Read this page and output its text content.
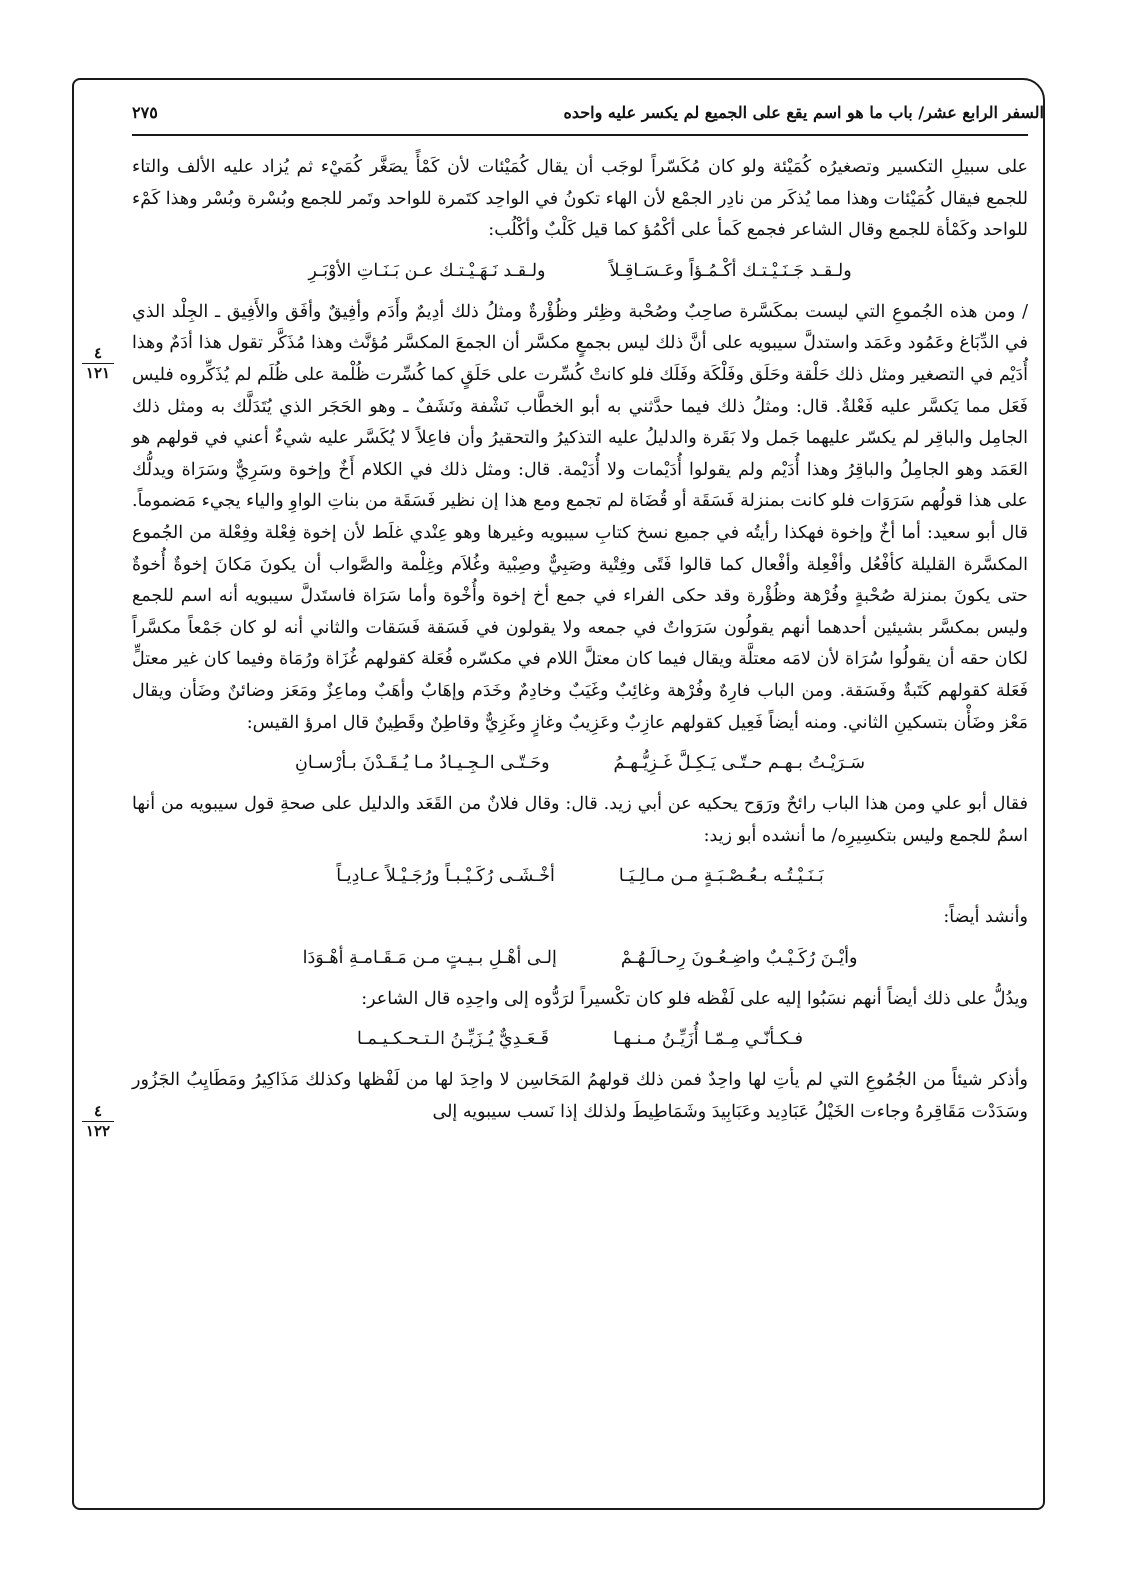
السفر الرابع عشر/ باب ما هو اسم يقع على الجميع لم يكسر عليه واحده
٢٧٥
٤
١٢١
٤
١٢٢

على سبيلِ التكسير وتصغيرُه كُمَيْئة ولو كان مُكَسّراً لوجَب أن يقال كُمَيْئات لأن كَمْأً يصَغَّر كُمَيْء ثم يُزاد عليه الألف والتاء للجمع فيقال كُمَيْئات وهذا مما يُذكَر من نادِر الجمْع لأن الهاء تكونُ في الواحِد كتَمرة للواحد وتَمر للجمع وبُسْرة وبُسْر وهذا كَمْء للواحد وكَمْأة للجمع وقال الشاعر فجمع كَمأ على أكْمُؤ كما قيل كَلْبٌ وأكْلُب:

ولـقـد جَـنَـيْـتـك أكْـمُـؤاً وعَـسَـاقِـلاً
ولـقـد نَـهَـيْـتـك عـن بَـنَـاتِ الأوْبَـرِ

/ ومن هذه الجُموعِ التي ليست بمكَسَّرة صاحِبٌ وصُحْبة وظِئر وظُؤْرةٌ ومثلُ ذلك أدِيمٌ وأَدَم وأفِيقٌ وأفَق والأَفِيق ـ الجِلْد الذي في الدِّبَاغ وعَمُود وعَمَد واستدلَّ سيبويه على أنَّ ذلك ليس بجمعٍ مكسَّر أن الجمعَ المكسَّر مُؤنَّث وهذا مُذَكَّر تقول هذا أدَمٌ وهذا أُدَيْم في التصغير ومثل ذلك حَلْقة وحَلَق وفَلْكَة وفَلَك فلو كانتْ كُسِّرت على حَلَقٍ كما كُسِّرت ظُلْمة على ظُلَم لم يُذَكِّروه فليس فَعَل مما يَكسَّر عليه فَعْلةٌ. قال: ومثلُ ذلك فيما حدَّثني به أبو الخطَّاب نَشْفة ونَشَفٌ ـ وهو الحَجَر الذي يُتَدَلَّك به ومثل ذلك الجامِل والباقِر لم يكسّر عليهما جَمل ولا بَقَرة والدليلُ عليه التذكيرُ والتحقيرُ وأن فاعِلاً لا يُكَسَّر عليه شيءٌ أعني في قولهم هو العَمَد وهو الجامِلُ والباقِرُ وهذا أُدَيْم ولم يقولوا أُدَيْمات ولا أُدَيْمة. قال: ومثل ذلك في الكلام أَخٌ وإخوة وسَرِيٌّ وسَرَاة ويدلُّك على هذا قولُهم سَرَوَات فلو كانت بمنزلة فَسَقَة أو قُضَاة لم تجمع ومع هذا إن نظير فَسَقَة من بناتِ الواوِ والياء يجيء مَضموماً. قال أبو سعيد: أما أخٌ وإخوة فهكذا رأيتُه في جميع نسخ كتابِ سيبويه وغيرها وهو عِنْدي غلَط لأن إخوة فِعْلة وفِعْلة من الجُموع المكسَّرة القليلة كأفْعُل وأفْعِلة وأفْعال كما قالوا فَتًى وفِتْية وصَبِيٌّ وصِبْية وغُلاَم وغِلْمة والصَّواب أن يكونَ مَكانَ إخوةٌ أُخوةٌ حتى يكونَ بمنزلة صُحْبةٍ وفُرْهة وظُؤْرة وقد حكى الفراء في جمع أخ إخوة وأُخْوة وأما سَرَاة فاستَدلَّ سيبويه أنه اسم للجمع وليس بمكسَّر بشيئين أحدهما أنهم يقولُون سَرَواتٌ في جمعه ولا يقولون في فَسَقة فَسَقات والثاني أنه لو كان جَمْعاً مكسَّراً لكان حقه أن يقولُوا سُرَاة لأن لامَه معتلَّة ويقال فيما كان معتلَّ اللام في مكسّره فُعَلة كقولهم غُزَاة ورُمَاة وفيما كان غير معتلٍّ فَعَلة كقولهم كَتَبةٌ وفَسَقة. ومن الباب فارِهٌ وفُرْهة وغائِبٌ وغَيَبٌ وخادِمٌ وخَدَم وإهَابٌ وأهَبٌ وماعِزٌ ومَعَز وضائنٌ وضَأن ويقال مَعْز وضَأْن بتسكينِ الثاني. ومنه أيضاً فَعِيل كقولهم عازِبٌ وعَزِيبٌ وغازٍ وغَزِيٌّ وقاطِنٌ وقَطِينٌ قال امرؤ القيس:

سَـرَيْـتُ بـهـم حـتّـى يَـكِـلَّ غَـزِيُّـهـمُ
وحَـتّـى الـجِـيـادُ مـا يُـقَـدْنَ بـأرْسـانِ

فقال أبو علي ومن هذا الباب رائحٌ ورَوَح يحكيه عن أبي زيد. قال: وقال فلانٌ من القَعَد والدليل على صحةِ قول سيبويه من أنها اسمٌ للجمع وليس بتكسِيرِه/ ما أنشده أبو زيد:

بَـنَـيْـتُـه بـعُـصْـبَـةٍ مـن مـالِـيَـا
أخْـشَـى رُكَـيْـبـاً ورُجَـيْـلاً عـادِيـاً

وأنشد أيضاً:

وأيْـنَ رُكَـيْـبٌ واضِـعُـونَ رِحـالَـهُـمْ
إلـى أهْـلِ بـيـتٍ مـن مَـقَـامـةِ أهْـوَدَا

ويدُلُّ على ذلك أيضاً أنهم نسَبُوا إليه على لَفْظه فلو كان تكْسيراً لرَدُّوه إلى واحِدِه قال الشاعر:

فـكـأنّـي مِـمّـا أُزَيِّـنُ مـنـهـا
قَـعَـدِيٌّ يُـزَيِّـنُ الـتـحـكـيـمـا

وأذكر شيئاً من الجُمُوعِ التي لم يأتِ لها واحِدٌ فمن ذلك قولهمُ المَحَاسِن لا واحِدَ لها من لَفْظها وكذلك مَذَاكِيرُ ومَطَايِبُ الجَزُور وسَدَدْت مَقَاقِرهُ وجاءت الخَيْلُ عَبَادِيد وعَبَابِيدَ وشَمَاطِيطَ ولذلك إذا نَسب سيبويه إلى
